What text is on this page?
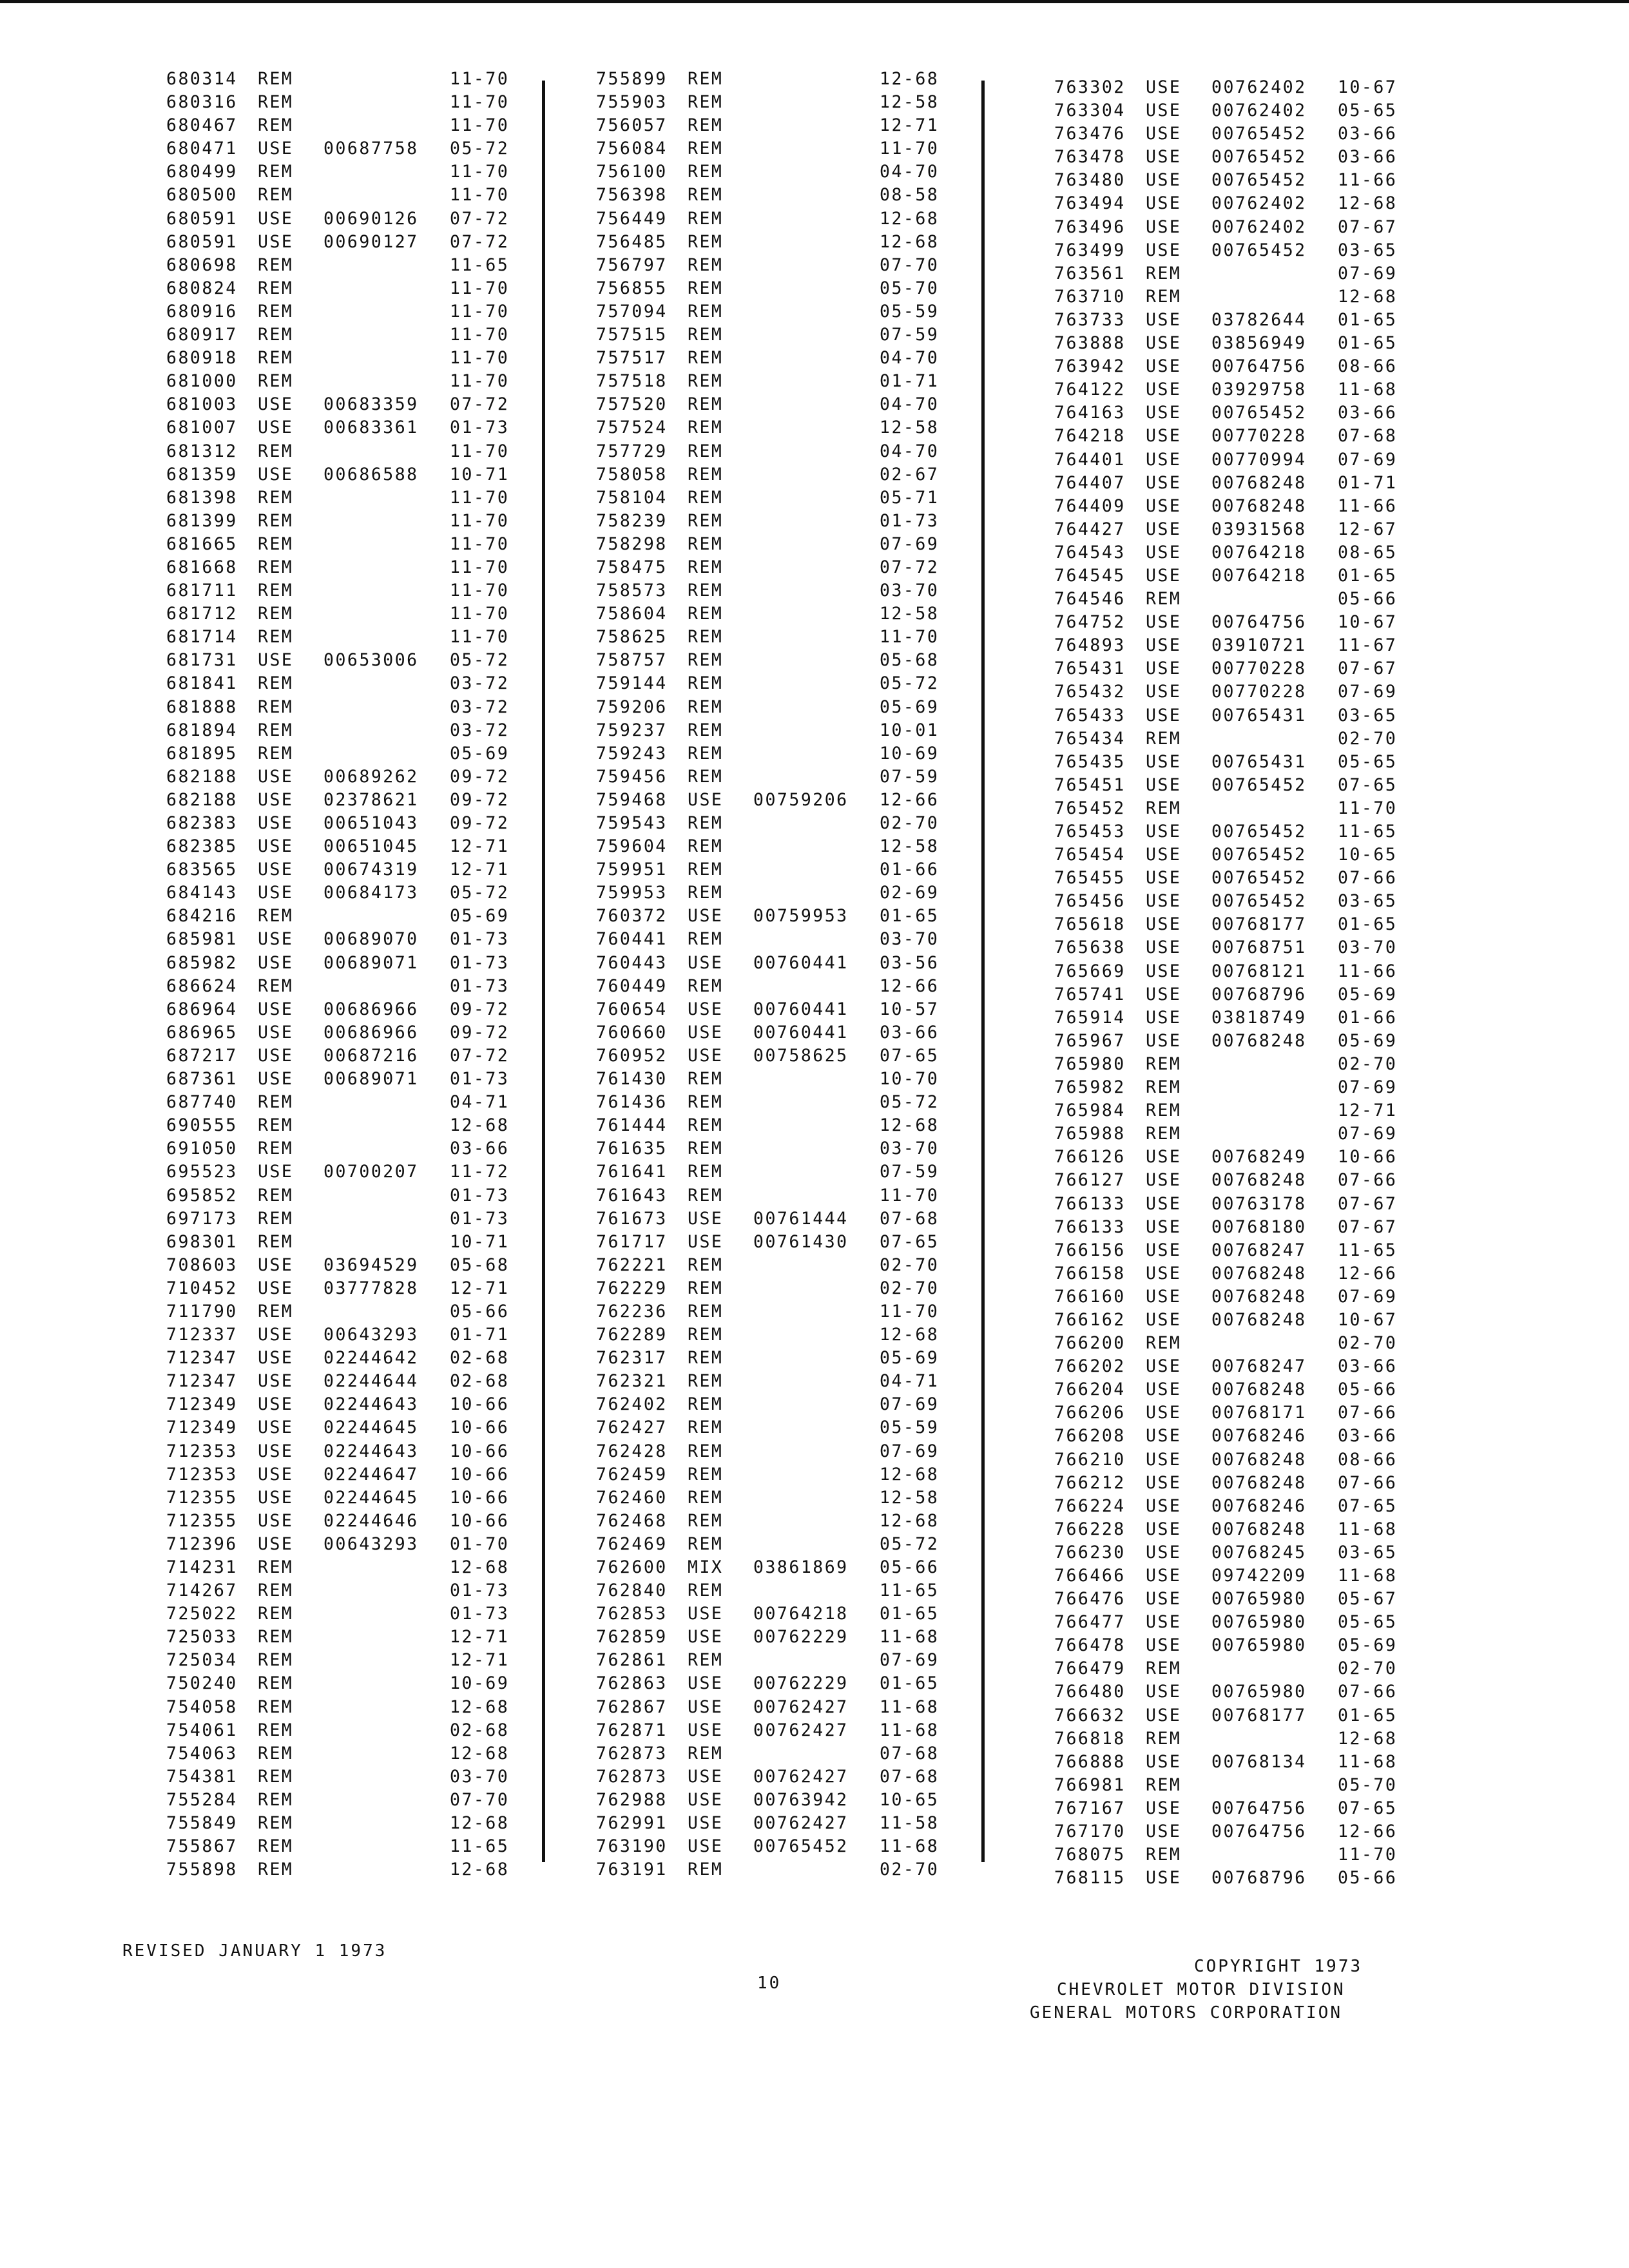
680314 REM	11-70
680316 REM	11-70
680467 REM	11-70
680471 USE 00687758 05-72
680499 REM	11-70
680500 REM	11-70
680591 USE 00690126 07-72
680591 USE 00690127 07-72
680698 REM	11-65
680824 REM	11-70
680916 REM	11-70
680917 REM	11-70
680918 REM	11-70
681000 REM	11-70
681003 USE 00683359 07-72
681007 USE 00683361 01-73
681312 REM	11-70
681359 USE 00686588 10-71
681398 REM	11-70
681399 REM	11-70
681665 REM	11-70
681668 REM	11-70
681711 REM	11-70
681712 REM	11-70
681714 REM	11-70
681731 USE 00653006 05-72
681841 REM	03-72
681888 REM	03-72
681894 REM	03-72
681895 REM	05-69
682188 USE 00689262 09-72
682188 USE 02378621 09-72
682383 USE 00651043 09-72
682385 USE 00651045 12-71
683565 USE 00674319 12-71
684143 USE 00684173 05-72
684216 REM	05-69
685981 USE 00689070 01-73
685982 USE 00689071 01-73
686624 REM	01-73
686964 USE 00686966 09-72
686965 USE 00686966 09-72
687217 USE 00687216 07-72
687361 USE 00689071 01-73
687740 REM	04-71
690555 REM	12-68
691050 REM	03-66
695523 USE 00700207 11-72
695852 REM	01-73
697173 REM	01-73
698301 REM	10-71
708603 USE 03694529 05-68
710452 USE 03777828 12-71
711790 REM	05-66
712337 USE 00643293 01-71
712347 USE 02244642 02-68
712347 USE 02244644 02-68
712349 USE 02244643 10-66
712349 USE 02244645 10-66
712353 USE 02244643 10-66
712353 USE 02244647 10-66
712355 USE 02244645 10-66
712355 USE 02244646 10-66
712396 USE 00643293 01-70
714231 REM	12-68
714267 REM	01-73
725022 REM	01-73
725033 REM	12-71
725034 REM	12-71
750240 REM	10-69
754058 REM	12-68
754061 REM	02-68
754063 REM	12-68
754381 REM	03-70
755284 REM	07-70
755849 REM	12-68
755867 REM	11-65
755898 REM	12-68
755899 REM	12-68
755903 REM	12-58
756057 REM	12-71
756084 REM	11-70
756100 REM	04-70
756398 REM	08-58
756449 REM	12-68
756485 REM	12-68
756797 REM	07-70
756855 REM	05-70
757094 REM	05-59
757515 REM	07-59
757517 REM	04-70
757518 REM	01-71
757520 REM	04-70
757524 REM	12-58
757729 REM	04-70
758058 REM	02-67
758104 REM	05-71
758239 REM	01-73
758298 REM	07-69
758475 REM	07-72
758573 REM	03-70
758604 REM	12-58
758625 REM	11-70
758757 REM	05-68
759144 REM	05-72
759206 REM	05-69
759237 REM	10-01
759243 REM	10-69
759456 REM	07-59
759468 USE 00759206 12-66
759543 REM	02-70
759604 REM	12-58
759951 REM	01-66
759953 REM	02-69
760372 USE 00759953 01-65
760441 REM	03-70
760443 USE 00760441 03-56
760449 REM	12-66
760654 USE 00760441 10-57
760660 USE 00760441 03-66
760952 USE 00758625 07-65
761430 REM	10-70
761436 REM	05-72
761444 REM	12-68
761635 REM	03-70
761641 REM	07-59
761643 REM	11-70
761673 USE 00761444 07-68
761717 USE 00761430 07-65
762221 REM	02-70
762229 REM	02-70
762236 REM	11-70
762289 REM	12-68
762317 REM	05-69
762321 REM	04-71
762402 REM	07-69
762427 REM	05-59
762428 REM	07-69
762459 REM	12-68
762460 REM	12-58
762468 REM	12-68
762469 REM	05-72
762600 MIX 03861869 05-66
762840 REM	11-65
762853 USE 00764218 01-65
762859 USE 00762229 11-68
762861 REM	07-69
762863 USE 00762229 01-65
762867 USE 00762427 11-68
762871 USE 00762427 11-68
762873 REM	07-68
762873 USE 00762427 07-68
762988 USE 00763942 10-65
762991 USE 00762427 11-58
763190 USE 00765452 11-68
763191 REM	02-70
763302 USE 00762402 10-67
763304 USE 00762402 05-65
763476 USE 00765452 03-66
763478 USE 00765452 03-66
763480 USE 00765452 11-66
763494 USE 00762402 12-68
763496 USE 00762402 07-67
763499 USE 00765452 03-65
763561 REM	07-69
763710 REM	12-68
763733 USE 03782644 01-65
763888 USE 03856949 01-65
763942 USE 00764756 08-66
764122 USE 03929758 11-68
764163 USE 00765452 03-66
764218 USE 00770228 07-68
764401 USE 00770994 07-69
764407 USE 00768248 01-71
764409 USE 00768248 11-66
764427 USE 03931568 12-67
764543 USE 00764218 08-65
764545 USE 00764218 01-65
764546 REM	05-66
764752 USE 00764756 10-67
764893 USE 03910721 11-67
765431 USE 00770228 07-67
765432 USE 00770228 07-69
765433 USE 00765431 03-65
765434 REM	02-70
765435 USE 00765431 05-65
765451 USE 00765452 07-65
765452 REM	11-70
765453 USE 00765452 11-65
765454 USE 00765452 10-65
765455 USE 00765452 07-66
765456 USE 00765452 03-65
765618 USE 00768177 01-65
765638 USE 00768751 03-70
765669 USE 00768121 11-66
765741 USE 00768796 05-69
765914 USE 03818749 01-66
765967 USE 00768248 05-69
765980 REM	02-70
765982 REM	07-69
765984 REM	12-71
765988 REM	07-69
766126 USE 00768249 10-66
766127 USE 00768248 07-66
766133 USE 00763178 07-67
766133 USE 00768180 07-67
766156 USE 00768247 11-65
766158 USE 00768248 12-66
766160 USE 00768248 07-69
766162 USE 00768248 10-67
766200 REM	02-70
766202 USE 00768247 03-66
766204 USE 00768248 05-66
766206 USE 00768171 07-66
766208 USE 00768246 03-66
766210 USE 00768248 08-66
766212 USE 00768248 07-66
766224 USE 00768246 07-65
766228 USE 00768248 11-68
766230 USE 00768245 03-65
766466 USE 09742209 11-68
766476 USE 00765980 05-67
766477 USE 00765980 05-65
766478 USE 00765980 05-69
766479 REM	02-70
766480 USE 00765980 07-66
766632 USE 00768177 01-65
766818 REM	12-68
766888 USE 00768134 11-68
766981 REM	05-70
767167 USE 00764756 07-65
767170 USE 00764756 12-66
768075 REM	11-70
768115 USE 00768796 05-66
REVISED JANUARY 1 1973
10
COPYRIGHT 1973
CHEVROLET MOTOR DIVISION
GENERAL MOTORS CORPORATION
